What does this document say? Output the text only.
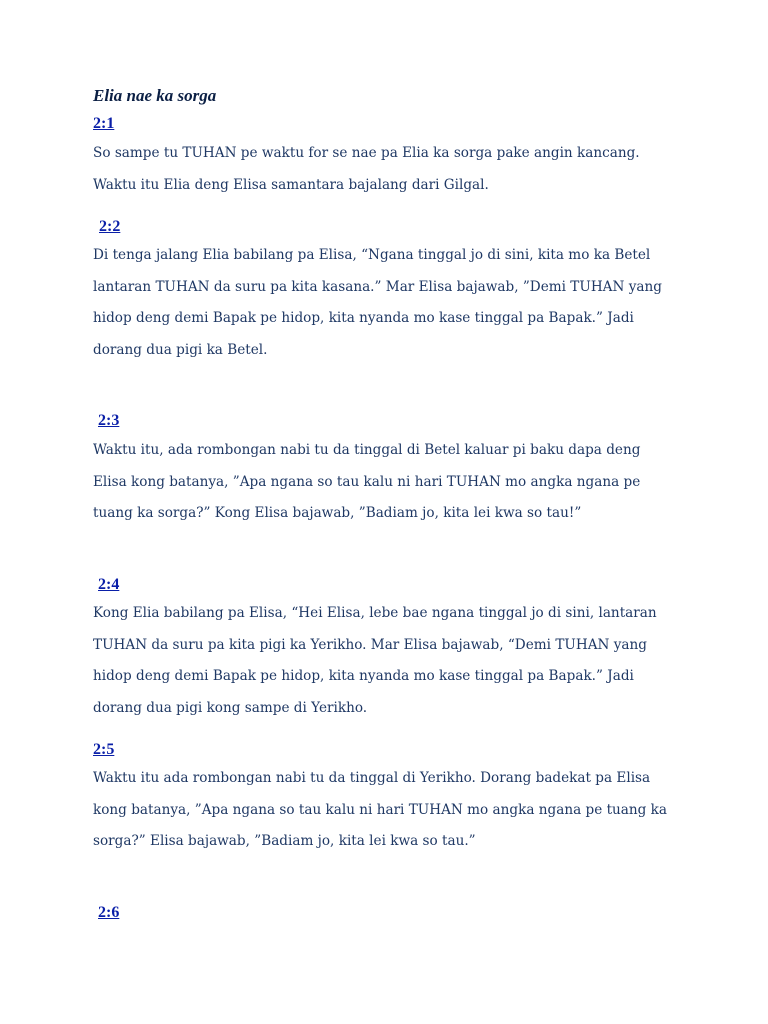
Elia nae ka sorga
2:1

So sampe tu TUHAN pe waktu for se nae pa Elia ka sorga pake angin kancang. Waktu itu Elia deng Elisa samantara bajalang dari Gilgal.

2:2

Di tenga jalang Elia babilang pa Elisa, “Ngana tinggal jo di sini, kita mo ka Betel lantaran TUHAN da suru pa kita kasana.” Mar Elisa bajawab, ”Demi TUHAN yang hidop deng demi Bapak pe hidop, kita nyanda mo kase tinggal pa Bapak.” Jadi dorang dua pigi ka Betel.

2:3

Waktu itu, ada rombongan nabi tu da tinggal di Betel kaluar pi baku dapa deng Elisa kong batanya, ”Apa ngana so tau kalu ni hari TUHAN mo angka ngana pe tuang ka sorga?” Kong Elisa bajawab, ”Badiam jo, kita lei kwa so tau!”

2:4

Kong Elia babilang pa Elisa, “Hei Elisa, lebe bae ngana tinggal jo di sini, lantaran TUHAN da suru pa kita pigi ka Yerikho. Mar Elisa bajawab, “Demi TUHAN yang hidop deng demi Bapak pe hidop, kita nyanda mo kase tinggal pa Bapak.” Jadi dorang dua pigi kong sampe di Yerikho.

2:5

Waktu itu ada rombongan nabi tu da tinggal di Yerikho. Dorang badekat pa Elisa kong batanya, ”Apa ngana so tau kalu ni hari TUHAN mo angka ngana pe tuang ka sorga?” Elisa bajawab, ”Badiam jo, kita lei kwa so tau.”

2:6
